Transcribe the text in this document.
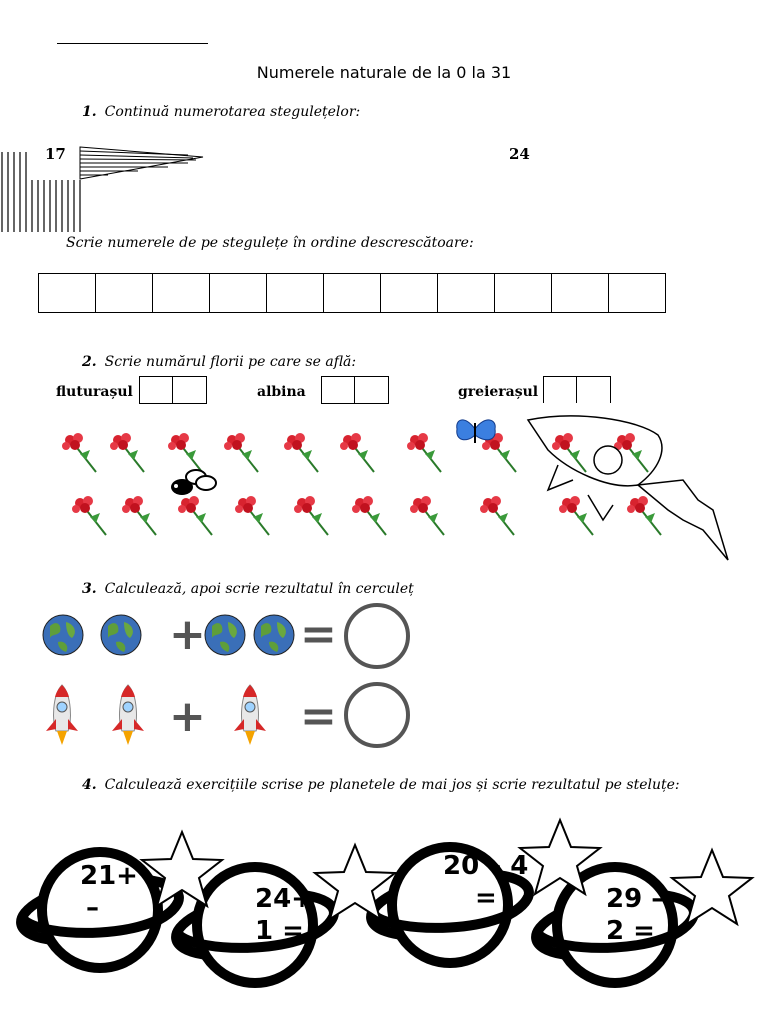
Numerele naturale de la 0 la 31
1. Continuă numerotarea stegulețelor:
17	24
Scrie numerele de pe stegulețe în ordine descrescătoare:

2. Scrie numărul florii pe care se află:
fluturașul	albina	greierașul
3. Calculează, apoi scrie rezultatul în cerculeț
+ =
+ =
4. Calculează exercițiile scrise pe planetele de mai jos și scrie rezultatul pe steluțe:
21+
–	24+
1 =
20 – 4
=	29 –
2 =
